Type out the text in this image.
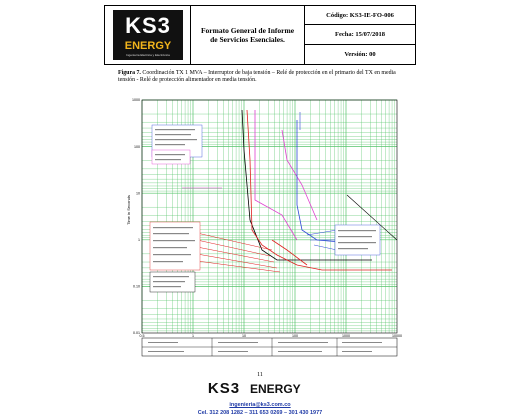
KS3
ENERGY
Ingeniería Eléctrica y Electrónica
Formato General de Informe de Servicios Esenciales.
Código: KS3-IE-FO-006
Fecha: 15/07/2018
Versión: 00
Figura 7. Coordinación TX 1 MVA – Interruptor de baja tensión – Relé de protección en el primario del TX en media tensión - Relé de protección alimentador en media tensión.
0.5	1	10	100	1000	10000
1000
100
10
1
0.10
0.01
Time in Seconds
11
KS3 ENERGY
ingenieria@ks3.com.co
Cel. 312 208 1282 – 311 653 0269 – 301 430 1977
